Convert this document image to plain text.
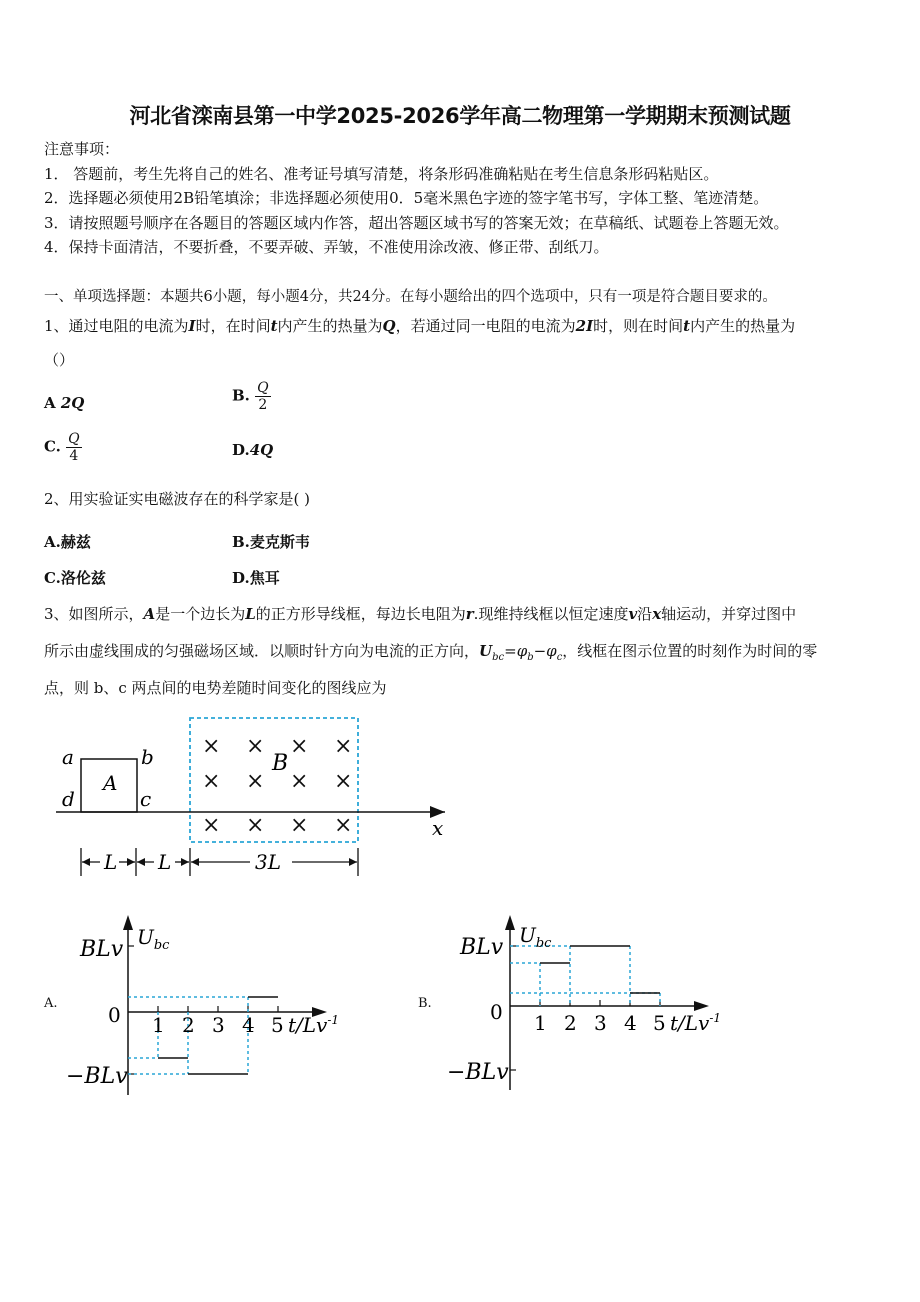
河北省滦南县第一中学2025-2026学年高二物理第一学期期末预测试题
注意事项：
1． 答题前，考生先将自己的姓名、准考证号填写清楚，将条形码准确粘贴在考生信息条形码粘贴区。
2．选择题必须使用2B铅笔填涂；非选择题必须使用0．5毫米黑色字迹的签字笔书写，字体工整、笔迹清楚。
3．请按照题号顺序在各题目的答题区域内作答，超出答题区域书写的答案无效；在草稿纸、试题卷上答题无效。
4．保持卡面清洁，不要折叠，不要弄破、弄皱，不准使用涂改液、修正带、刮纸刀。
一、单项选择题：本题共6小题，每小题4分，共24分。在每小题给出的四个选项中，只有一项是符合题目要求的。
1、通过电阻的电流为I时，在时间t内产生的热量为Q，若通过同一电阻的电流为2I时，则在时间t内产生的热量为
（）
A 2Q	B. $\frac{Q}{2}$
C. $\frac{Q}{4}$	D.4Q
2、用实验证实电磁波存在的科学家是( )
A.赫兹	B.麦克斯韦
C.洛伦兹	D.焦耳
3、如图所示，A是一个边长为L的正方形导线框，每边长电阻为r.现维持线框以恒定速度v沿x轴运动，并穿过图中
所示由虚线围成的匀强磁场区域．以顺时针方向为电流的正方向，$U_{bc}=\varphi_b-\varphi_c$，线框在图示位置的时刻作为时间的零
点，则 b、c 两点间的电势差随时间变化的图线应为
a	b
d	c
A
B
x
× × × ×
× × × ×
× × × ×
L L	3L
A.
BLv
−BLv
$U_{bc}$
0 1 2 3 4 5 $t/Lv^{-1}$
B.
BLv
−BLv
$U_{bc}$
0 1 2 3 4 5 $t/Lv^{-1}$
